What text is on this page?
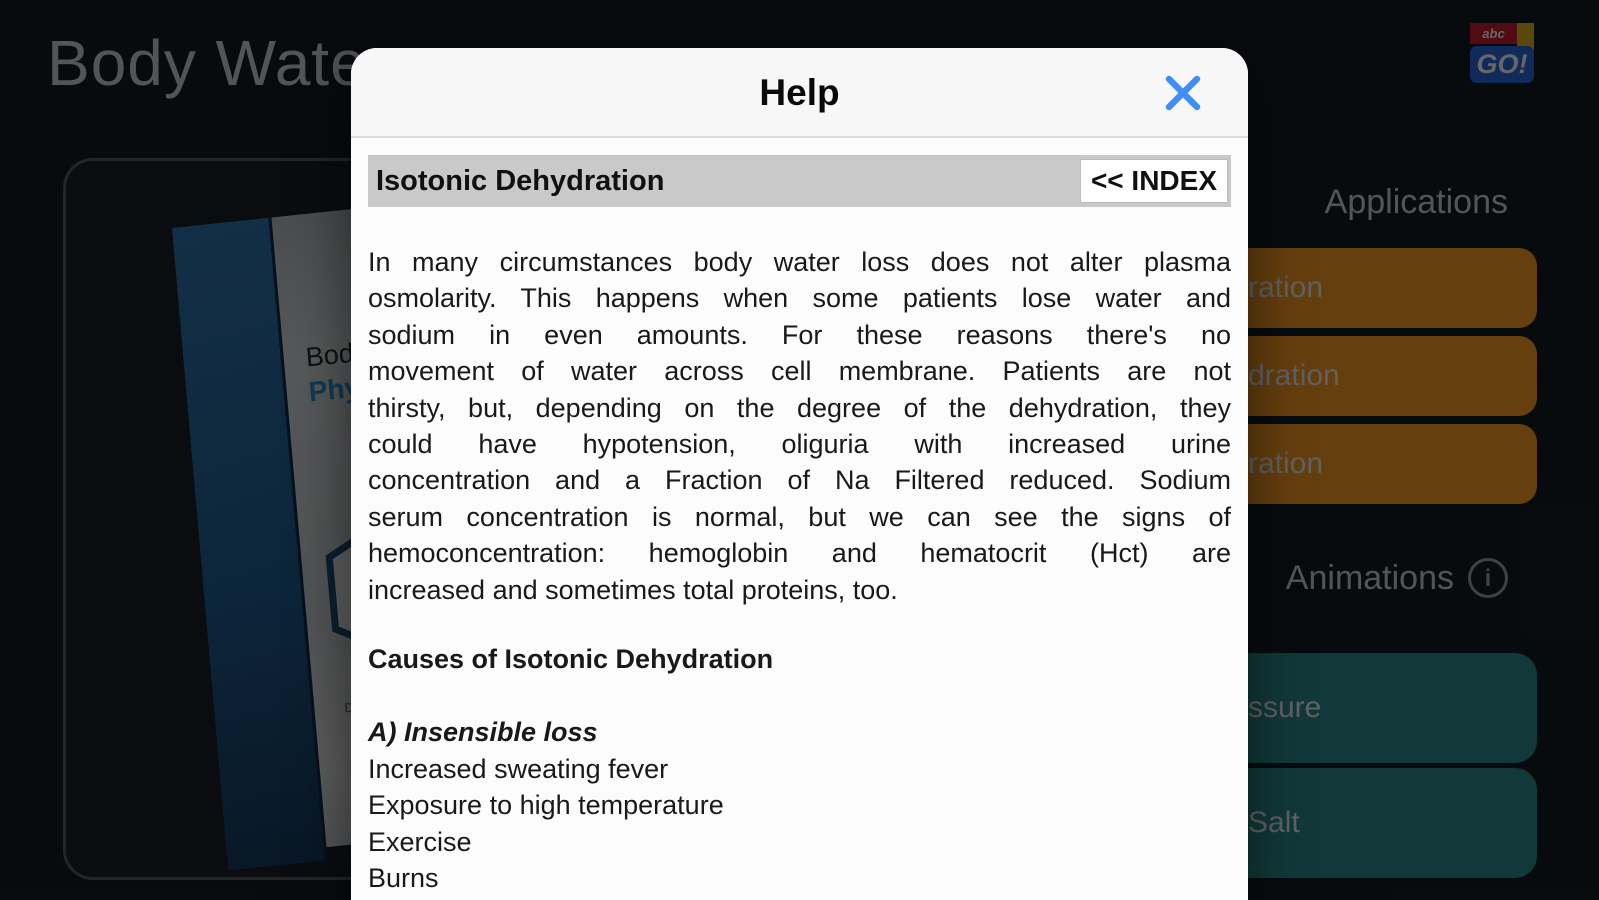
Help
Isotonic Dehydration	<< INDEX
In many circumstances body water loss does not alter plasma
osmolarity. This happens when some patients lose water and
sodium in even amounts. For these reasons there's no
movement of water across cell membrane. Patients are not
thirsty, but, depending on the degree of the dehydration, they
could have hypotension, oliguria with increased urine
concentration and a Fraction of Na Filtered reduced. Sodium
serum concentration is normal, but we can see the signs of
hemoconcentration: hemoglobin and hematocrit (Hct) are
increased and sometimes total proteins, too.
Causes of Isotonic Dehydration
A) Insensible loss
Increased sweating fever
Exposure to high temperature
Exercise
Burns
